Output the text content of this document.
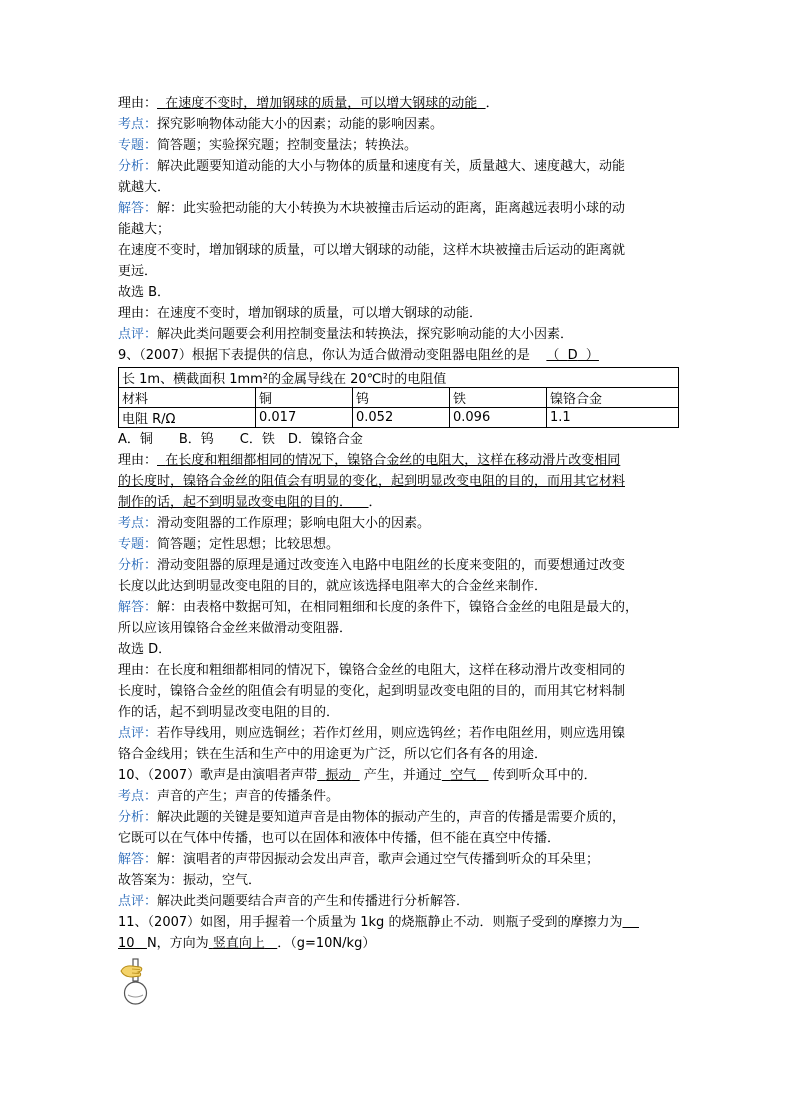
理由： 在速度不变时，增加钢球的质量，可以增大钢球的动能 ．
考点：探究影响物体动能大小的因素；动能的影响因素。
专题：简答题；实验探究题；控制变量法；转换法。
分析：解决此题要知道动能的大小与物体的质量和速度有关，质量越大、速度越大，动能
就越大．
解答：解：此实验把动能的大小转换为木块被撞击后运动的距离，距离越远表明小球的动
能越大；
在速度不变时，增加钢球的质量，可以增大钢球的动能，这样木块被撞击后运动的距离就
更远．
故选 B．
理由：在速度不变时，增加钢球的质量，可以增大钢球的动能．
点评：解决此类问题要会利用控制变量法和转换法，探究影响动能的大小因素．
9、（2007）根据下表提供的信息，你认为适合做滑动变阻器电阻丝的是 （  D  ）
长 1m、横截面积 1mm²的金属导线在 20℃时的电阻值				
材料	铜	钨	铁	镍铬合金
电阻 R/Ω	0.017	0.052	0.096	1.1
A．铜　　B．钨　　C．铁　D．镍铬合金
理由： 在长度和粗细都相同的情况下，镍铬合金丝的电阻大，这样在移动滑片改变相同
的长度时，镍铬合金丝的阻值会有明显的变化，起到明显改变电阻的目的，而用其它材料
制作的话，起不到明显改变电阻的目的． ．
考点：滑动变阻器的工作原理；影响电阻大小的因素。
专题：简答题；定性思想；比较思想。
分析：滑动变阻器的原理是通过改变连入电路中电阻丝的长度来变阻的，而要想通过改变
长度以此达到明显改变电阻的目的，就应该选择电阻率大的合金丝来制作．
解答：解：由表格中数据可知，在相同粗细和长度的条件下，镍铬合金丝的电阻是最大的，
所以应该用镍铬合金丝来做滑动变阻器．
故选 D．
理由：在长度和粗细都相同的情况下，镍铬合金丝的电阻大，这样在移动滑片改变相同的
长度时，镍铬合金丝的阻值会有明显的变化，起到明显改变电阻的目的，而用其它材料制
作的话，起不到明显改变电阻的目的．
点评：若作导线用，则应选铜丝；若作灯丝用，则应选钨丝；若作电阻丝用，则应选用镍
铬合金线用；铁在生活和生产中的用途更为广泛，所以它们各有各的用途．
10、（2007）歌声是由演唱者声带 振动 产生，并通过 空气 传到听众耳中的．
考点：声音的产生；声音的传播条件。
分析：解决此题的关键是要知道声音是由物体的振动产生的，声音的传播是需要介质的，
它既可以在气体中传播，也可以在固体和液体中传播，但不能在真空中传播．
解答：解：演唱者的声带因振动会发出声音，歌声会通过空气传播到听众的耳朵里；
故答案为：振动，空气．
点评：解决此类问题要结合声音的产生和传播进行分析解答．
11、（2007）如图，用手握着一个质量为 1kg 的烧瓶静止不动．则瓶子受到的摩擦力为
10 N，方向为 竖直向上 ．（g=10N/kg）
